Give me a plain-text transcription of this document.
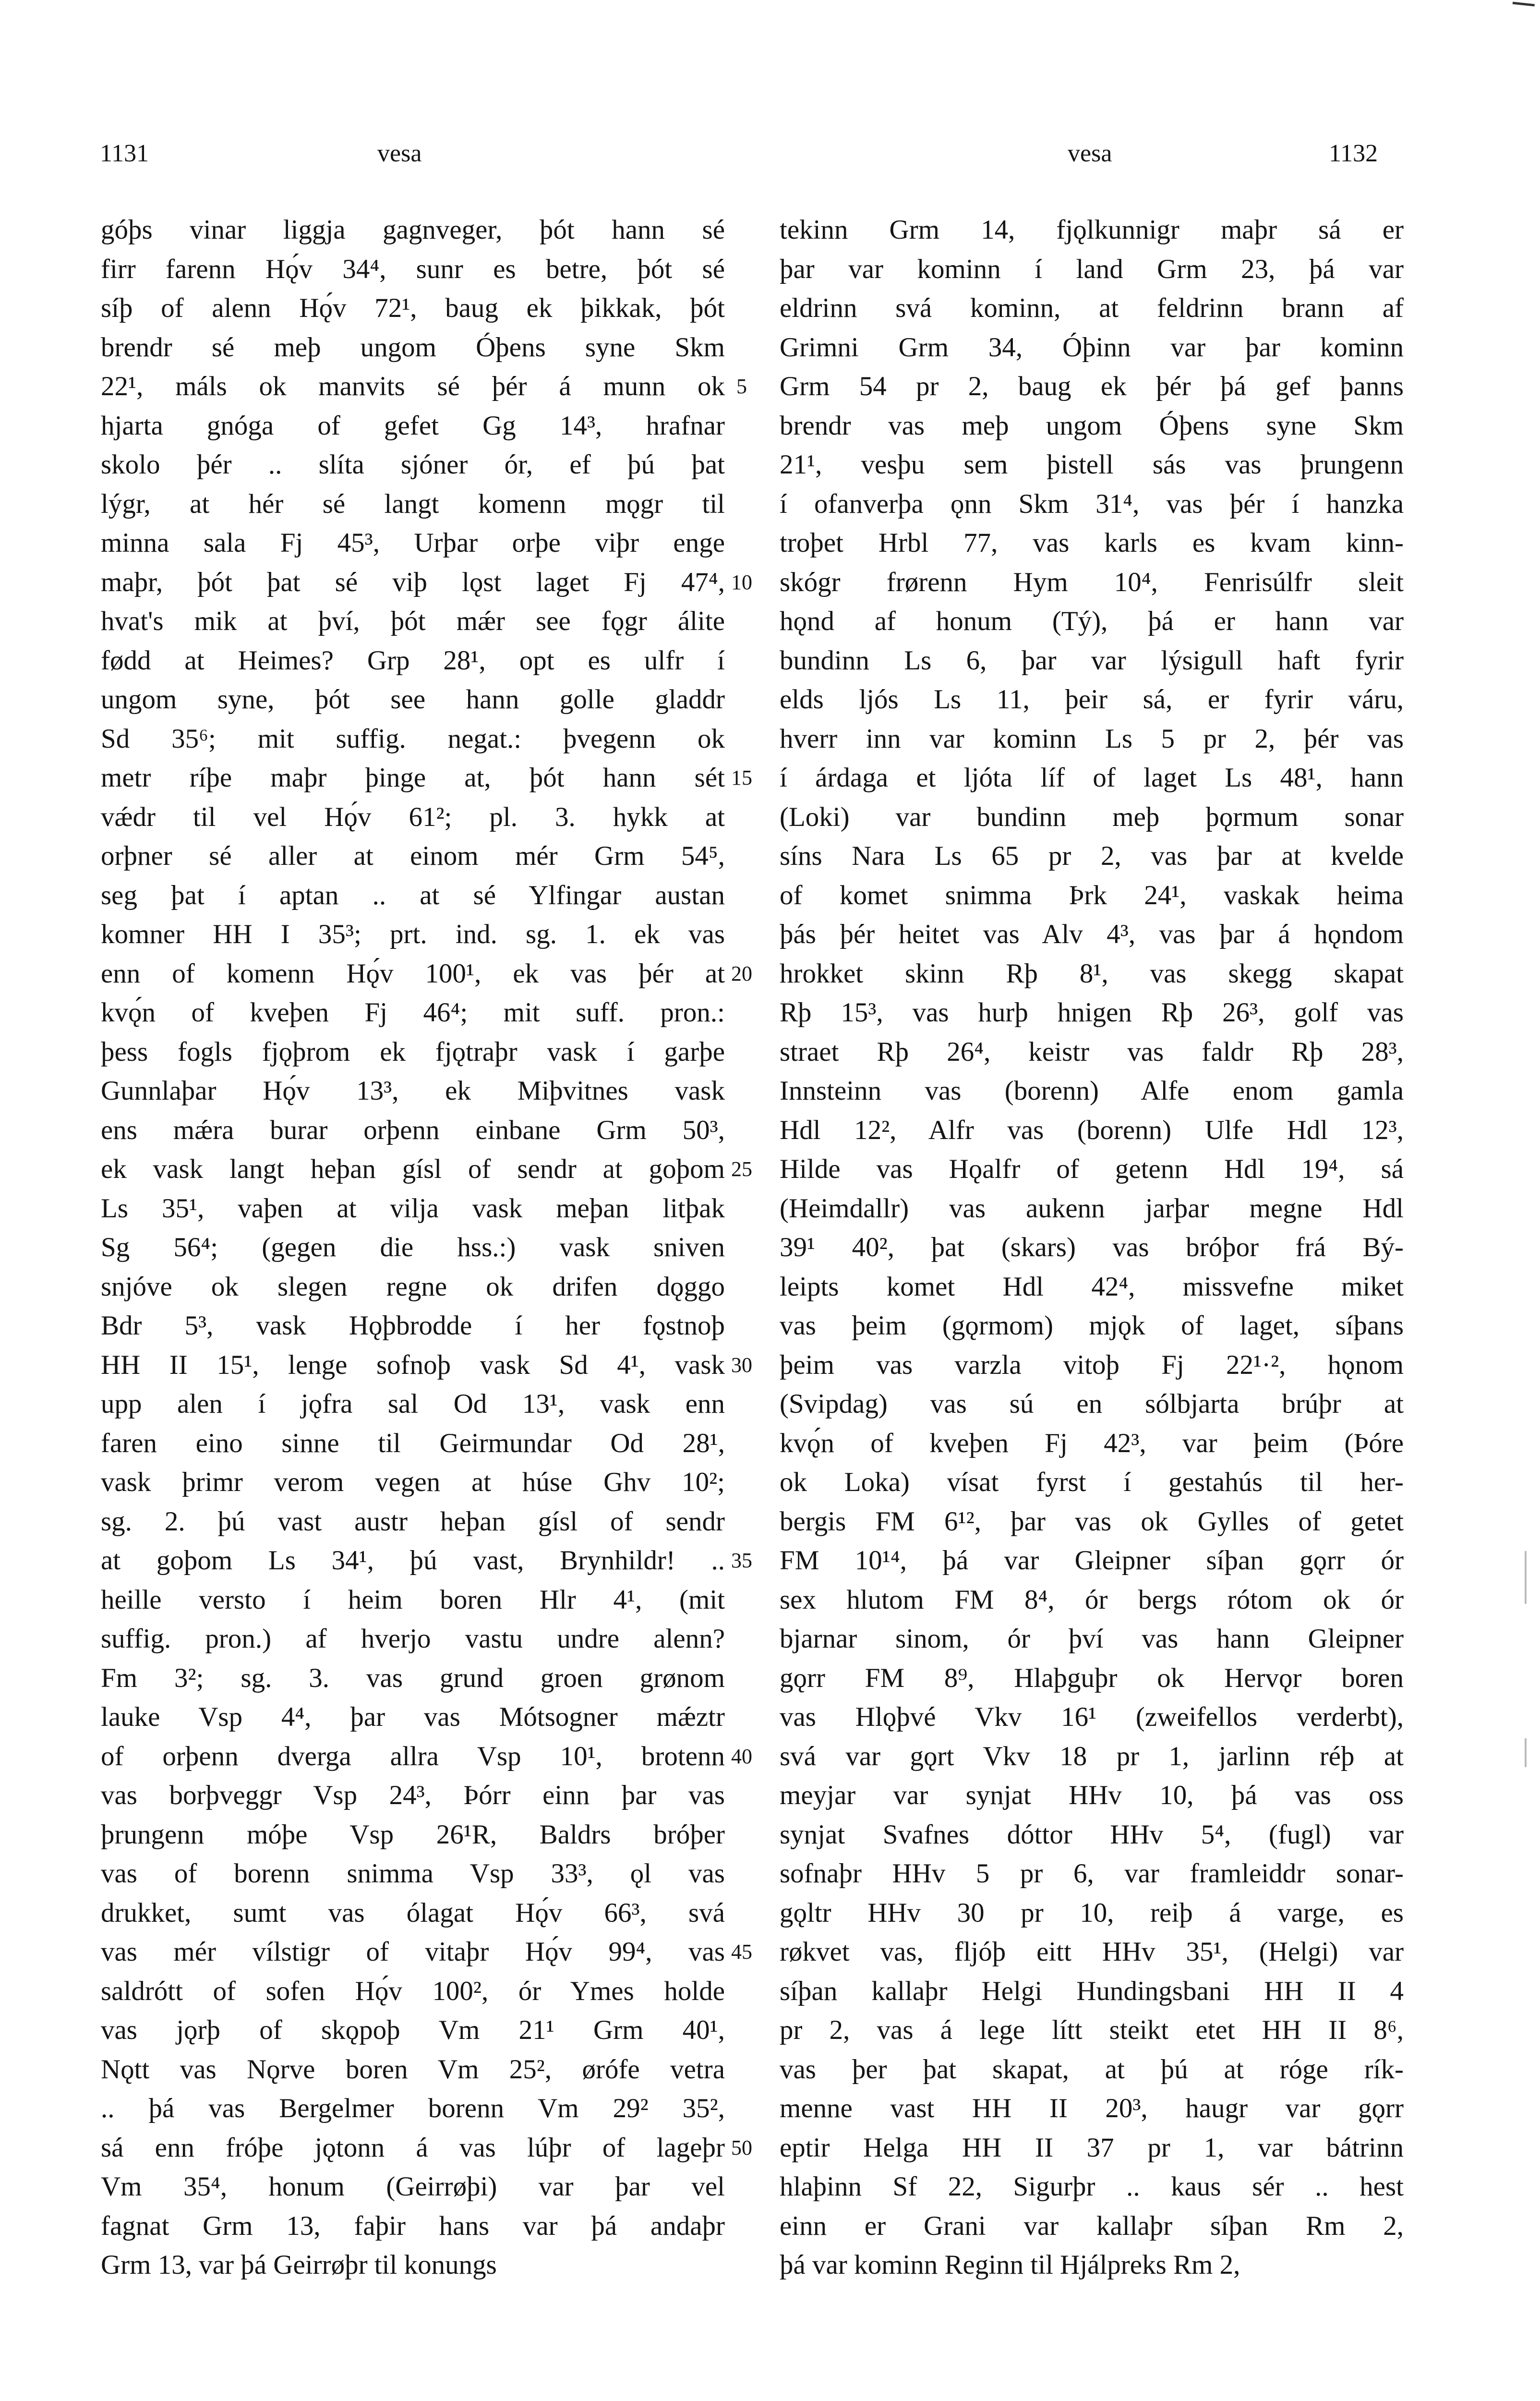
1131	vesa	vesa	1132
góþs vinar liggja gagnveger, þót hann sé
firr farenn Hǫ́v 34⁴, sunr es betre, þót sé
síþ of alenn Hǫ́v 72¹, baug ek þikkak, þót
brendr sé meþ ungom Óþens syne Skm
22¹, máls ok manvits sé þér á munn ok
hjarta gnóga of gefet Gg 14³, hrafnar
skolo þér .. slíta sjóner ór, ef þú þat
lýgr, at hér sé langt komenn mǫgr til
minna sala Fj 45³, Urþar orþe viþr enge
maþr, þót þat sé viþ lǫst laget Fj 47⁴,
hvat's mik at því, þót mǽr see fǫgr álite
fødd at Heimes? Grp 28¹, opt es ulfr í
ungom syne, þót see hann golle gladdr
Sd 35⁶; mit suffig. negat.: þvegenn ok
metr ríþe maþr þinge at, þót hann sét
vǽdr til vel Hǫ́v 61²; pl. 3. hykk at
orþner sé aller at einom mér Grm 54⁵,
seg þat í aptan .. at sé Ylfingar austan
komner HH I 35³; prt. ind. sg. 1. ek vas
enn of komenn Hǫ́v 100¹, ek vas þér at
kvǫ́n of kveþen Fj 46⁴; mit suff. pron.:
þess fogls fjǫþrom ek fjǫtraþr vask í garþe
Gunnlaþar Hǫ́v 13³, ek Miþvitnes vask
ens mǽra burar orþenn einbane Grm 50³,
ek vask langt heþan gísl of sendr at goþom
Ls 35¹, vaþen at vilja vask meþan litþak
Sg 56⁴; (gegen die hss.:) vask sniven
snjóve ok slegen regne ok drifen dǫggo
Bdr 5³, vask Hǫþbrodde í her fǫstnoþ
HH II 15¹, lenge sofnoþ vask Sd 4¹, vask
upp alen í jǫfra sal Od 13¹, vask enn
faren eino sinne til Geirmundar Od 28¹,
vask þrimr verom vegen at húse Ghv 10²;
sg. 2. þú vast austr heþan gísl of sendr
at goþom Ls 34¹, þú vast, Brynhildr! ..
heille versto í heim boren Hlr 4¹, (mit
suffig. pron.) af hverjo vastu undre alenn?
Fm 3²; sg. 3. vas grund groen grønom
lauke Vsp 4⁴, þar vas Mótsogner mǽztr
of orþenn dverga allra Vsp 10¹, brotenn
vas borþveggr Vsp 24³, Þórr einn þar vas
þrungenn móþe Vsp 26¹R, Baldrs bróþer
vas of borenn snimma Vsp 33³, ǫl vas
drukket, sumt vas ólagat Hǫ́v 66³, svá
vas mér vílstigr of vitaþr Hǫ́v 99⁴, vas
saldrótt of sofen Hǫ́v 100², ór Ymes holde
vas jǫrþ of skǫpoþ Vm 21¹ Grm 40¹,
Nǫtt vas Nǫrve boren Vm 25², ørófe vetra
.. þá vas Bergelmer borenn Vm 29² 35²,
sá enn fróþe jǫtonn á vas lúþr of lageþr
Vm 35⁴, honum (Geirrøþi) var þar vel
fagnat Grm 13, faþir hans var þá andaþr
Grm 13, var þá Geirrøþr til konungs
5
10
15
20
25
30
35
40
45
50
tekinn Grm 14, fjǫlkunnigr maþr sá er
þar var kominn í land Grm 23, þá var
eldrinn svá kominn, at feldrinn brann af
Grimni Grm 34, Óþinn var þar kominn
Grm 54 pr 2, baug ek þér þá gef þanns
brendr vas meþ ungom Óþens syne Skm
21¹, vesþu sem þistell sás vas þrungenn
í ofanverþa ǫnn Skm 31⁴, vas þér í hanzka
troþet Hrbl 77, vas karls es kvam kinn-
skógr frørenn Hym 10⁴, Fenrisúlfr sleit
hǫnd af honum (Tý), þá er hann var
bundinn Ls 6, þar var lýsigull haft fyrir
elds ljós Ls 11, þeir sá, er fyrir váru,
hverr inn var kominn Ls 5 pr 2, þér vas
í árdaga et ljóta líf of laget Ls 48¹, hann
(Loki) var bundinn meþ þǫrmum sonar
síns Nara Ls 65 pr 2, vas þar at kvelde
of komet snimma Þrk 24¹, vaskak heima
þás þér heitet vas Alv 4³, vas þar á hǫndom
hrokket skinn Rþ 8¹, vas skegg skapat
Rþ 15³, vas hurþ hnigen Rþ 26³, golf vas
straet Rþ 26⁴, keistr vas faldr Rþ 28³,
Innsteinn vas (borenn) Alfe enom gamla
Hdl 12², Alfr vas (borenn) Ulfe Hdl 12³,
Hilde vas Hǫalfr of getenn Hdl 19⁴, sá
(Heimdallr) vas aukenn jarþar megne Hdl
39¹ 40², þat (skars) vas bróþor frá Bý-
leipts komet Hdl 42⁴, missvefne miket
vas þeim (gǫrmom) mjǫk of laget, síþans
þeim vas varzla vitoþ Fj 22¹·², hǫnom
(Svipdag) vas sú en sólbjarta brúþr at
kvǫ́n of kveþen Fj 42³, var þeim (Þóre
ok Loka) vísat fyrst í gestahús til her-
bergis FM 6¹², þar vas ok Gylles of getet
FM 10¹⁴, þá var Gleipner síþan gǫrr ór
sex hlutom FM 8⁴, ór bergs rótom ok ór
bjarnar sinom, ór því vas hann Gleipner
gǫrr FM 8⁹, Hlaþguþr ok Hervǫr boren
vas Hlǫþvé Vkv 16¹ (zweifellos verderbt),
svá var gǫrt Vkv 18 pr 1, jarlinn réþ at
meyjar var synjat HHv 10, þá vas oss
synjat Svafnes dóttor HHv 5⁴, (fugl) var
sofnaþr HHv 5 pr 6, var framleiddr sonar-
gǫltr HHv 30 pr 10, reiþ á varge, es
røkvet vas, fljóþ eitt HHv 35¹, (Helgi) var
síþan kallaþr Helgi Hundingsbani HH II 4
pr 2, vas á lege lítt steikt etet HH II 8⁶,
vas þer þat skapat, at þú at róge rík-
menne vast HH II 20³, haugr var gǫrr
eptir Helga HH II 37 pr 1, var bátrinn
hlaþinn Sf 22, Sigurþr .. kaus sér .. hest
einn er Grani var kallaþr síþan Rm 2,
þá var kominn Reginn til Hjálpreks Rm 2,
